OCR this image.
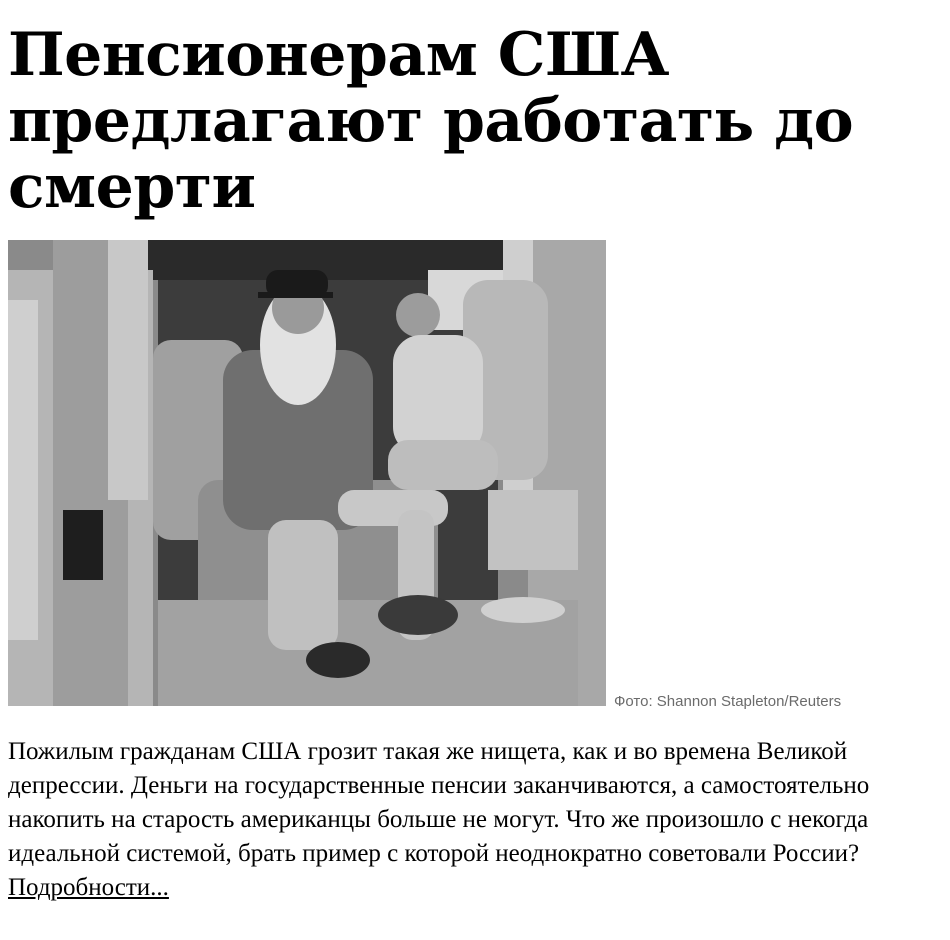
Пенсионерам США предлагают работать до смерти
Фото: Shannon Stapleton/Reuters

Пожилым гражданам США грозит такая же нищета, как и во времена Великой депрессии. Деньги на государственные пенсии заканчиваются, а самостоятельно накопить на старость американцы больше не могут. Что же произошло с некогда идеальной системой, брать пример с которой неоднократно советовали России? Подробности...
